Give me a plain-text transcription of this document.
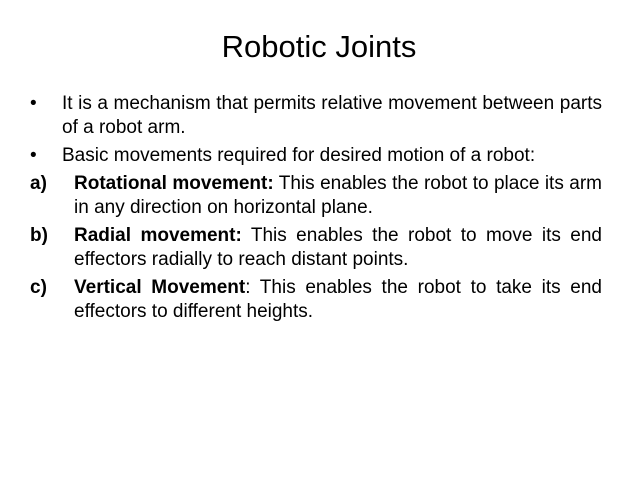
Robotic Joints
•	It is a mechanism that permits relative movement between parts of a robot arm.

•	Basic movements required for desired motion of a robot:

a)	Rotational movement: This enables the robot to place its arm in any direction on horizontal plane.

b)	Radial movement: This enables the robot to move its end effectors radially to reach distant points.

c)	Vertical Movement: This enables the robot to take its end effectors to different heights.
